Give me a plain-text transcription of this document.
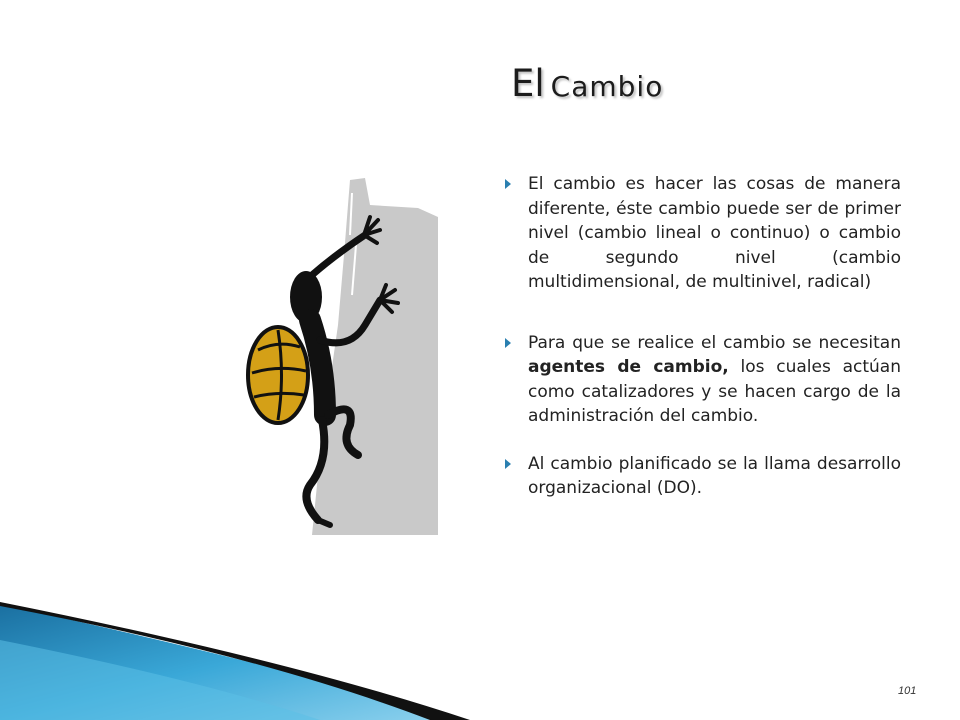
El Cambio
El cambio es hacer las cosas de manera diferente, éste cambio puede ser de primer nivel (cambio lineal o continuo) o cambio de segundo nivel (cambio multidimensional, de multinivel, radical)
Para que se realice el cambio se necesitan agentes de cambio, los cuales actúan como catalizadores y se hacen cargo de la administración del cambio.
Al cambio planificado se la llama desarrollo organizacional (DO).
101
